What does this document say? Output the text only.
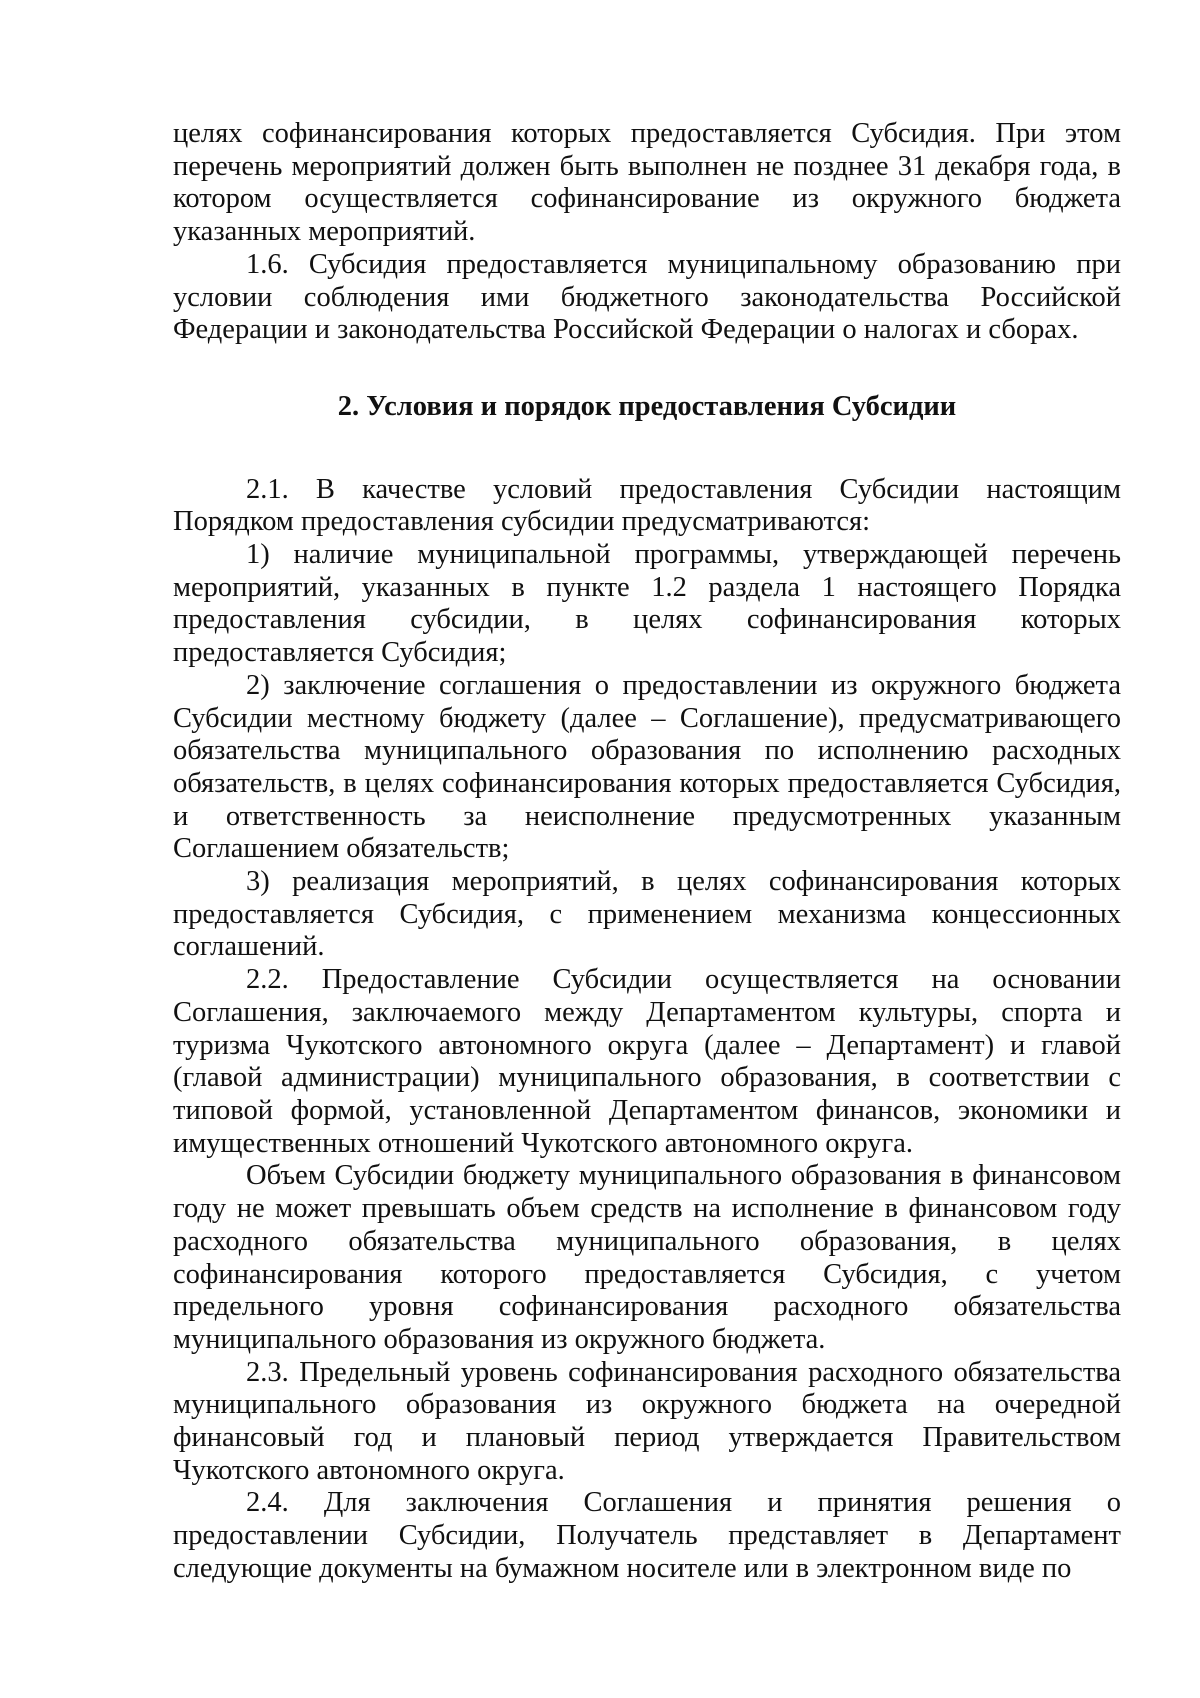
целях софинансирования которых предоставляется Субсидия. При этом перечень мероприятий должен быть выполнен не позднее 31 декабря года, в котором осуществляется софинансирование из окружного бюджета указанных мероприятий.

1.6. Субсидия предоставляется муниципальному образованию при условии соблюдения ими бюджетного законодательства Российской Федерации и законодательства Российской Федерации о налогах и сборах.

2. Условия и порядок предоставления Субсидии

2.1. В качестве условий предоставления Субсидии настоящим Порядком предоставления субсидии предусматриваются:

1) наличие муниципальной программы, утверждающей перечень мероприятий, указанных в пункте 1.2 раздела 1 настоящего Порядка предоставления субсидии, в целях софинансирования которых предоставляется Субсидия;

2) заключение соглашения о предоставлении из окружного бюджета Субсидии местному бюджету (далее – Соглашение), предусматривающего обязательства муниципального образования по исполнению расходных обязательств, в целях софинансирования которых предоставляется Субсидия, и ответственность за неисполнение предусмотренных указанным Соглашением обязательств;

3) реализация мероприятий, в целях софинансирования которых предоставляется Субсидия, с применением механизма концессионных соглашений.

2.2. Предоставление Субсидии осуществляется на основании Соглашения, заключаемого между Департаментом культуры, спорта и туризма Чукотского автономного округа (далее – Департамент) и главой (главой администрации) муниципального образования, в соответствии с типовой формой, установленной Департаментом финансов, экономики и имущественных отношений Чукотского автономного округа.

Объем Субсидии бюджету муниципального образования в финансовом году не может превышать объем средств на исполнение в финансовом году расходного обязательства муниципального образования, в целях софинансирования которого предоставляется Субсидия, с учетом предельного уровня софинансирования расходного обязательства муниципального образования из окружного бюджета.

2.3. Предельный уровень софинансирования расходного обязательства муниципального образования из окружного бюджета на очередной финансовый год и плановый период утверждается Правительством Чукотского автономного округа.

2.4. Для заключения Соглашения и принятия решения о предоставлении Субсидии, Получатель представляет в Департамент следующие документы на бумажном носителе или в электронном виде по
